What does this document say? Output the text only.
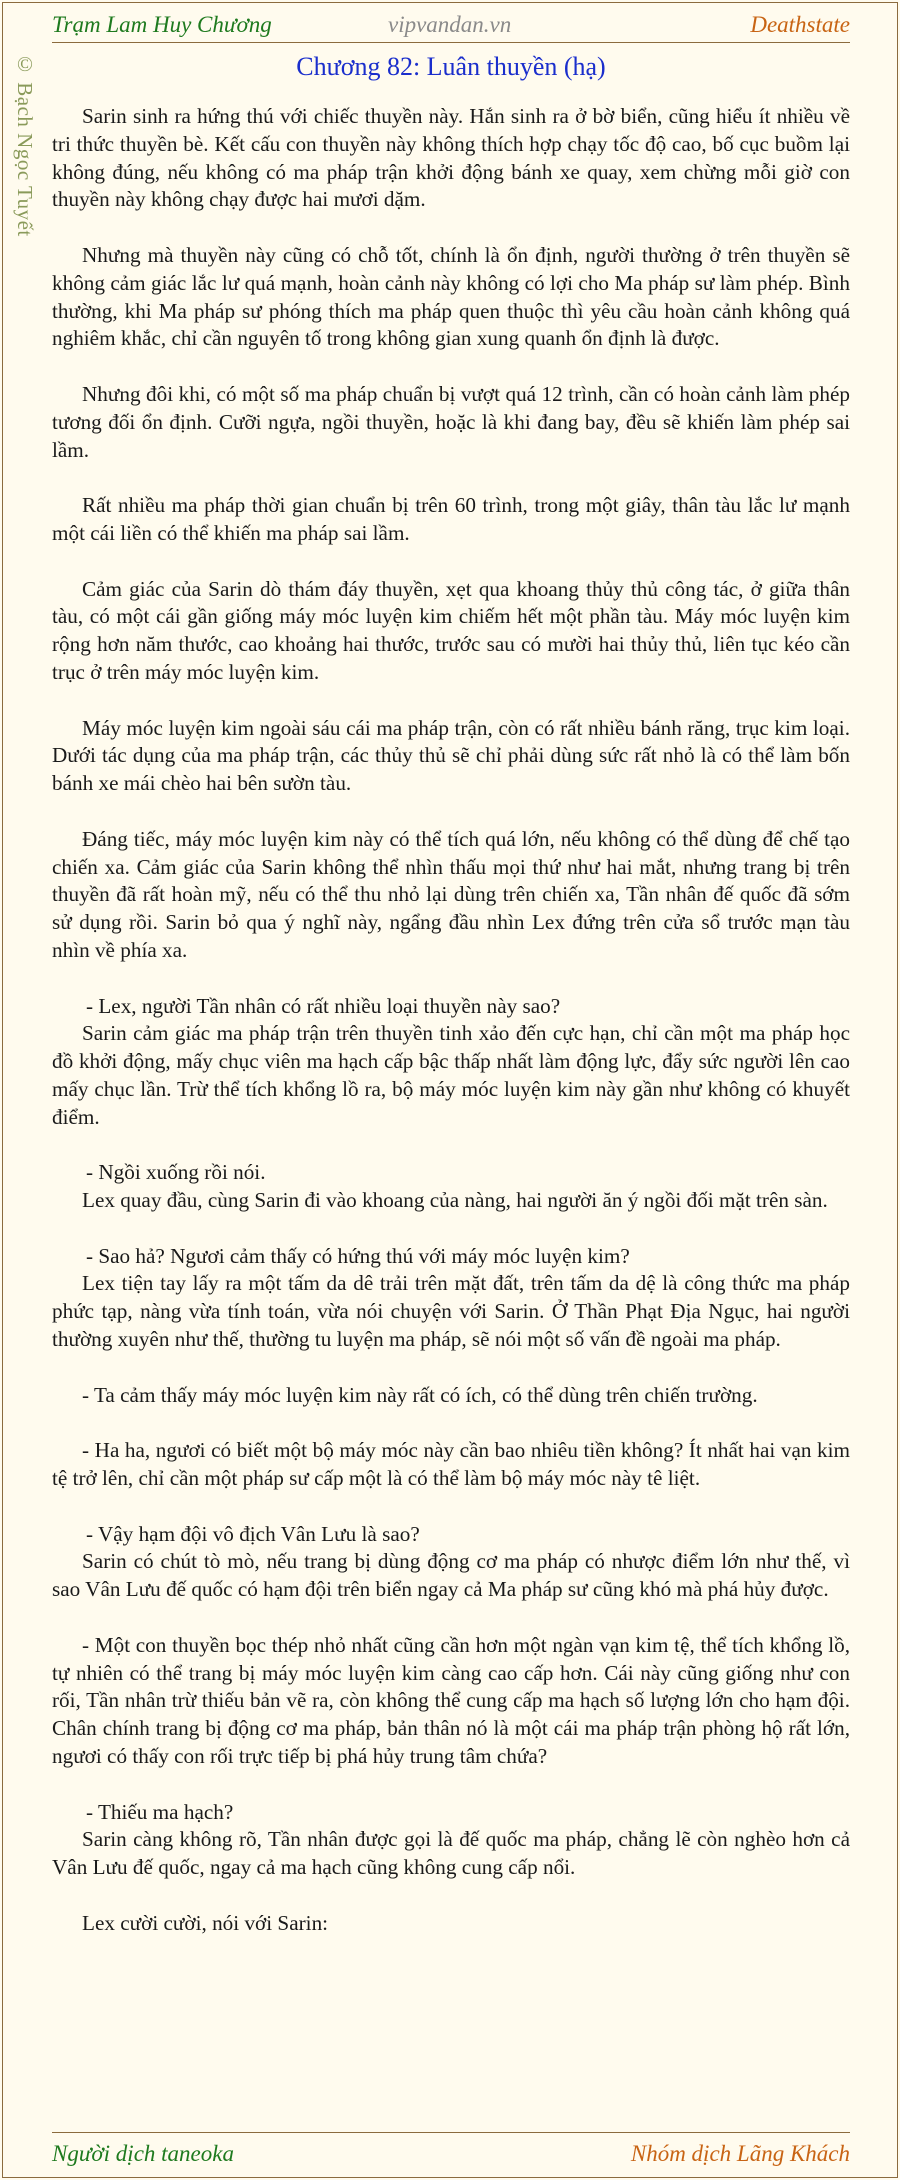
Trạm Lam Huy Chương	vipvandan.vn	Deathstate
© Bạch Ngọc Tuyết	Chương 82: Luân thuyền (hạ)

Sarin sinh ra hứng thú với chiếc thuyền này. Hắn sinh ra ở bờ biển, cũng hiểu ít nhiều về tri thức thuyền bè. Kết cấu con thuyền này không thích hợp chạy tốc độ cao, bố cục buồm lại không đúng, nếu không có ma pháp trận khởi động bánh xe quay, xem chừng mỗi giờ con thuyền này không chạy được hai mươi dặm.

Nhưng mà thuyền này cũng có chỗ tốt, chính là ổn định, người thường ở trên thuyền sẽ không cảm giác lắc lư quá mạnh, hoàn cảnh này không có lợi cho Ma pháp sư làm phép. Bình thường, khi Ma pháp sư phóng thích ma pháp quen thuộc thì yêu cầu hoàn cảnh không quá nghiêm khắc, chỉ cần nguyên tố trong không gian xung quanh ổn định là được.

Nhưng đôi khi, có một số ma pháp chuẩn bị vượt quá 12 trình, cần có hoàn cảnh làm phép tương đối ổn định. Cưỡi ngựa, ngồi thuyền, hoặc là khi đang bay, đều sẽ khiến làm phép sai lầm.

Rất nhiều ma pháp thời gian chuẩn bị trên 60 trình, trong một giây, thân tàu lắc lư mạnh một cái liền có thể khiến ma pháp sai lầm.

Cảm giác của Sarin dò thám đáy thuyền, xẹt qua khoang thủy thủ công tác, ở giữa thân tàu, có một cái gần giống máy móc luyện kim chiếm hết một phần tàu. Máy móc luyện kim rộng hơn năm thước, cao khoảng hai thước, trước sau có mười hai thủy thủ, liên tục kéo cần trục ở trên máy móc luyện kim.

Máy móc luyện kim ngoài sáu cái ma pháp trận, còn có rất nhiều bánh răng, trục kim loại. Dưới tác dụng của ma pháp trận, các thủy thủ sẽ chỉ phải dùng sức rất nhỏ là có thể làm bốn bánh xe mái chèo hai bên sườn tàu.

Đáng tiếc, máy móc luyện kim này có thể tích quá lớn, nếu không có thể dùng để chế tạo chiến xa. Cảm giác của Sarin không thể nhìn thấu mọi thứ như hai mắt, nhưng trang bị trên thuyền đã rất hoàn mỹ, nếu có thể thu nhỏ lại dùng trên chiến xa, Tần nhân đế quốc đã sớm sử dụng rồi. Sarin bỏ qua ý nghĩ này, ngẩng đầu nhìn Lex đứng trên cửa sổ trước mạn tàu nhìn về phía xa.

- Lex, người Tần nhân có rất nhiều loại thuyền này sao?

Sarin cảm giác ma pháp trận trên thuyền tinh xảo đến cực hạn, chỉ cần một ma pháp học đồ khởi động, mấy chục viên ma hạch cấp bậc thấp nhất làm động lực, đẩy sức người lên cao mấy chục lần. Trừ thể tích khổng lồ ra, bộ máy móc luyện kim này gần như không có khuyết điểm.

- Ngồi xuống rồi nói.

Lex quay đầu, cùng Sarin đi vào khoang của nàng, hai người ăn ý ngồi đối mặt trên sàn.

- Sao hả? Ngươi cảm thấy có hứng thú với máy móc luyện kim?

Lex tiện tay lấy ra một tấm da dê trải trên mặt đất, trên tấm da dệ là công thức ma pháp phức tạp, nàng vừa tính toán, vừa nói chuyện với Sarin. Ở Thần Phạt Địa Ngục, hai người thường xuyên như thế, thường tu luyện ma pháp, sẽ nói một số vấn đề ngoài ma pháp.

- Ta cảm thấy máy móc luyện kim này rất có ích, có thể dùng trên chiến trường.

- Ha ha, ngươi có biết một bộ máy móc này cần bao nhiêu tiền không? Ít nhất hai vạn kim tệ trở lên, chỉ cần một pháp sư cấp một là có thể làm bộ máy móc này tê liệt.

- Vậy hạm đội vô địch Vân Lưu là sao?

Sarin có chút tò mò, nếu trang bị dùng động cơ ma pháp có nhược điểm lớn như thế, vì sao Vân Lưu đế quốc có hạm đội trên biển ngay cả Ma pháp sư cũng khó mà phá hủy được.

- Một con thuyền bọc thép nhỏ nhất cũng cần hơn một ngàn vạn kim tệ, thể tích khổng lồ, tự nhiên có thể trang bị máy móc luyện kim càng cao cấp hơn. Cái này cũng giống như con rối, Tần nhân trừ thiếu bản vẽ ra, còn không thể cung cấp ma hạch số lượng lớn cho hạm đội. Chân chính trang bị động cơ ma pháp, bản thân nó là một cái ma pháp trận phòng hộ rất lớn, ngươi có thấy con rối trực tiếp bị phá hủy trung tâm chứa?

- Thiếu ma hạch?

Sarin càng không rõ, Tần nhân được gọi là đế quốc ma pháp, chẳng lẽ còn nghèo hơn cả Vân Lưu đế quốc, ngay cả ma hạch cũng không cung cấp nổi.

Lex cười cười, nói với Sarin:

Người dịch taneoka	Nhóm dịch Lãng Khách
